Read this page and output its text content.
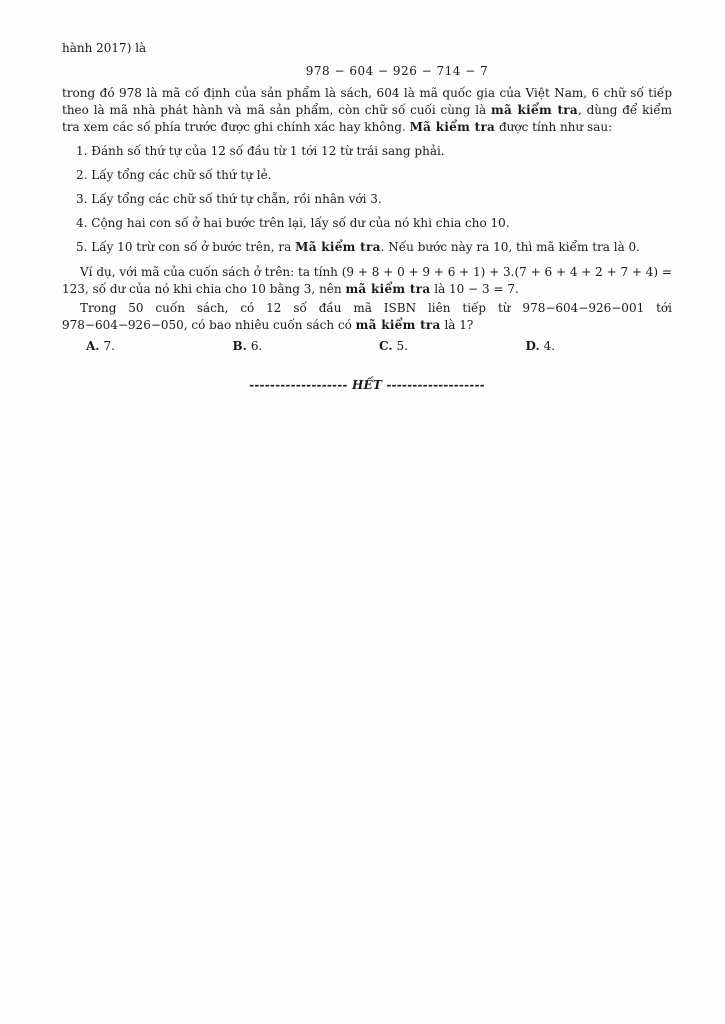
hành 2017) là
978 − 604 − 926 − 714 − 7
trong đó 978 là mã cố định của sản phẩm là sách, 604 là mã quốc gia của Việt Nam, 6 chữ số tiếp theo là mã nhà phát hành và mã sản phẩm, còn chữ số cuối cùng là mã kiểm tra, dùng để kiểm tra xem các số phía trước được ghi chính xác hay không. Mã kiểm tra được tính như sau:
1. Đánh số thứ tự của 12 số đầu từ 1 tới 12 từ trái sang phải.
2. Lấy tổng các chữ số thứ tự lẻ.
3. Lấy tổng các chữ số thứ tự chẵn, rồi nhân với 3.
4. Cộng hai con số ở hai bước trên lại, lấy số dư của nó khi chia cho 10.
5. Lấy 10 trừ con số ở bước trên, ra Mã kiểm tra. Nếu bước này ra 10, thì mã kiểm tra là 0.
Ví dụ, với mã của cuốn sách ở trên: ta tính (9 + 8 + 0 + 9 + 6 + 1) + 3.(7 + 6 + 4 + 2 + 7 + 4) = 123, số dư của nó khi chia cho 10 bằng 3, nên mã kiểm tra là 10 − 3 = 7.
Trong 50 cuốn sách, có 12 số đầu mã ISBN liên tiếp từ 978−604−926−001 tới 978−604−926−050, có bao nhiêu cuốn sách có mã kiểm tra là 1?
A. 7.	B. 6.	C. 5.	D. 4.
------------------- HẾT -------------------
